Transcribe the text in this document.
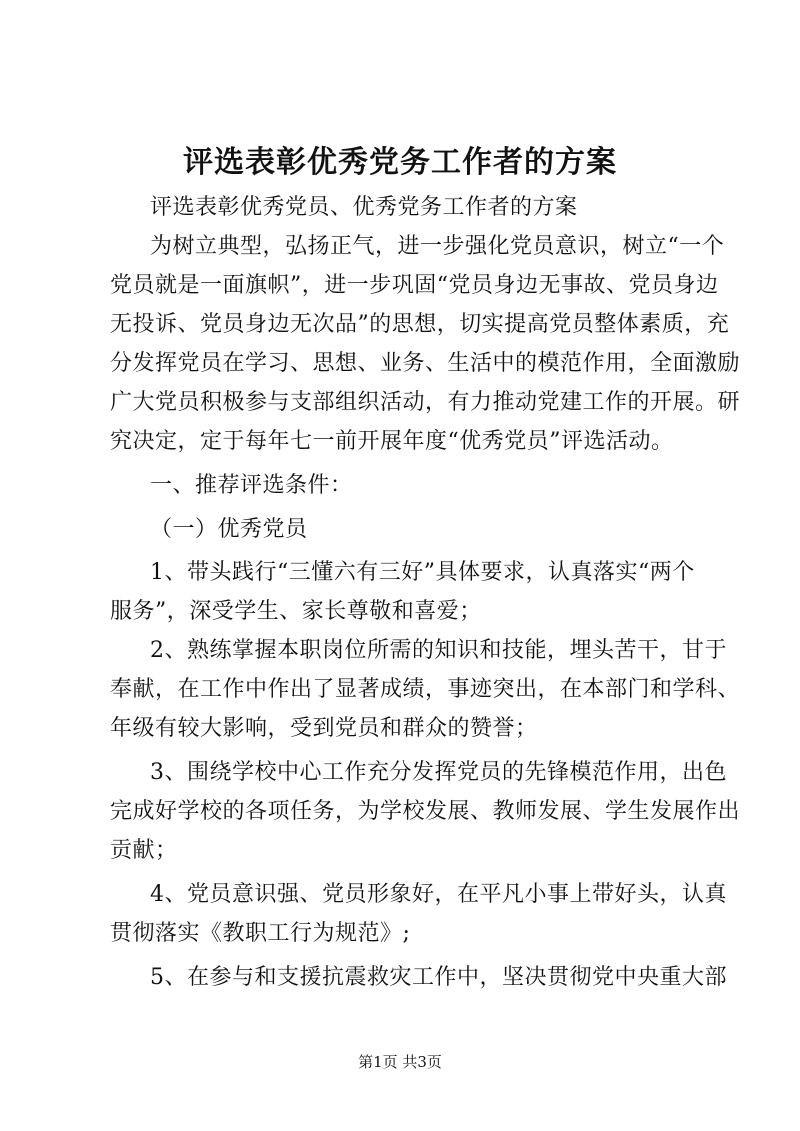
评选表彰优秀党务工作者的方案
评选表彰优秀党员、优秀党务工作者的方案
为树立典型，弘扬正气，进一步强化党员意识，树立“一个
党员就是一面旗帜”，进一步巩固“党员身边无事故、党员身边
无投诉、党员身边无次品”的思想，切实提高党员整体素质，充
分发挥党员在学习、思想、业务、生活中的模范作用，全面激励
广大党员积极参与支部组织活动，有力推动党建工作的开展。研
究决定，定于每年七一前开展年度“优秀党员”评选活动。
一、推荐评选条件：
（一）优秀党员
1、带头践行“三懂六有三好”具体要求，认真落实“两个
服务”，深受学生、家长尊敬和喜爱；
2、熟练掌握本职岗位所需的知识和技能，埋头苦干，甘于
奉献，在工作中作出了显著成绩，事迹突出，在本部门和学科、
年级有较大影响，受到党员和群众的赞誉；
3、围绕学校中心工作充分发挥党员的先锋模范作用，出色
完成好学校的各项任务，为学校发展、教师发展、学生发展作出
贡献；
4、党员意识强、党员形象好，在平凡小事上带好头，认真
贯彻落实《教职工行为规范》;
5、在参与和支援抗震救灾工作中，坚决贯彻党中央重大部
第1页 共3页
